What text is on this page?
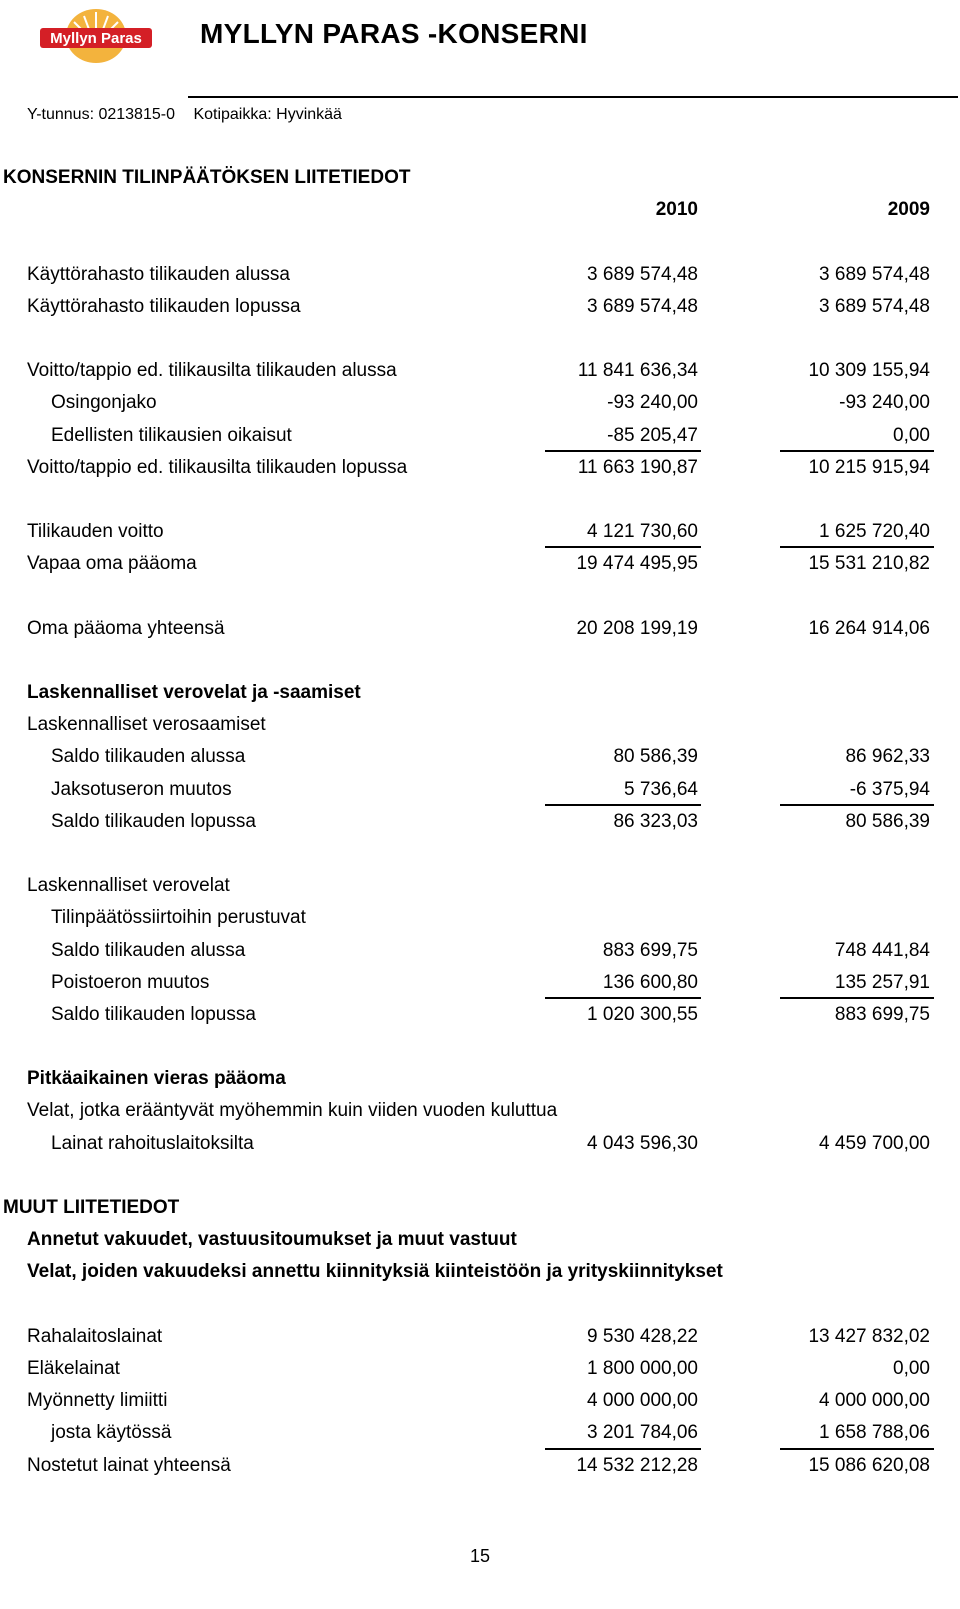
Myllyn Paras MYLLYN PARAS -KONSERNI
Y-tunnus: 0213815-0 Kotipaikka: Hyvinkää
KONSERNIN TILINPÄÄTÖKSEN LIITETIEDOT
2010	2009
Käyttörahasto tilikauden alussa	3 689 574,48	3 689 574,48
Käyttörahasto tilikauden lopussa	3 689 574,48	3 689 574,48
Voitto/tappio ed. tilikausilta tilikauden alussa	11 841 636,34	10 309 155,94
Osingonjako	-93 240,00	-93 240,00
Edellisten tilikausien oikaisut	-85 205,47	0,00
Voitto/tappio ed. tilikausilta tilikauden lopussa	11 663 190,87	10 215 915,94
Tilikauden voitto	4 121 730,60	1 625 720,40
Vapaa oma pääoma	19 474 495,95	15 531 210,82
Oma pääoma yhteensä	20 208 199,19	16 264 914,06
Laskennalliset verovelat ja -saamiset
Laskennalliset verosaamiset
Saldo tilikauden alussa	80 586,39	86 962,33
Jaksotuseron muutos	5 736,64	-6 375,94
Saldo tilikauden lopussa	86 323,03	80 586,39
Laskennalliset verovelat
Tilinpäätössiirtoihin perustuvat
Saldo tilikauden alussa	883 699,75	748 441,84
Poistoeron muutos	136 600,80	135 257,91
Saldo tilikauden lopussa	1 020 300,55	883 699,75
Pitkäaikainen vieras pääoma
Velat, jotka erääntyvät myöhemmin kuin viiden vuoden kuluttua
Lainat rahoituslaitoksilta	4 043 596,30	4 459 700,00
MUUT LIITETIEDOT
Annetut vakuudet, vastuusitoumukset ja muut vastuut
Velat, joiden vakuudeksi annettu kiinnityksiä kiinteistöön ja yrityskiinnitykset
Rahalaitoslainat	9 530 428,22	13 427 832,02
Eläkelainat	1 800 000,00	0,00
Myönnetty limiitti	4 000 000,00	4 000 000,00
josta käytössä	3 201 784,06	1 658 788,06
Nostetut lainat yhteensä	14 532 212,28	15 086 620,08
15
